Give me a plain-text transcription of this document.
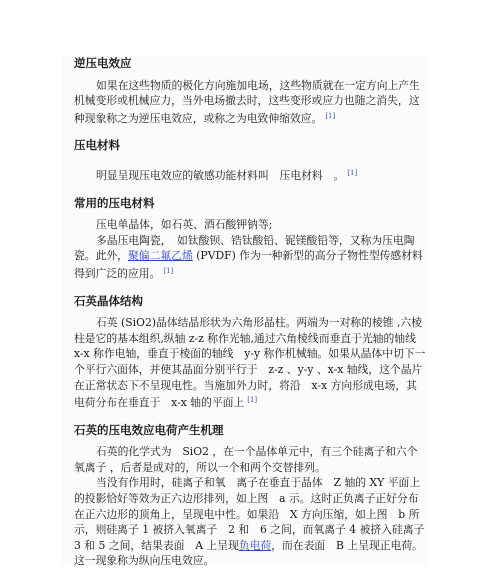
逆压电效应

如果在这些物质的极化方向施加电场，这些物质就在一定方向上产生机械变形或机械应力，当外电场撤去时，这些变形或应力也随之消失，这种现象称之为逆压电效应，或称之为电致伸缩效应。 [1]

压电材料

明显呈现压电效应的敏感功能材料叫　压电材料　。 [1]

常用的压电材料

压电单晶体，如石英、酒石酸钾钠等;

多晶压电陶瓷，　如钛酸钡、锆钛酸铅、铌镁酸铅等，又称为压电陶瓷。此外，聚偏二氟乙烯 (PVDF) 作为一种新型的高分子物性型传感材料得到广泛的应用。 [1]

石英晶体结构

石英 (SiO2)晶体结晶形状为六角形晶柱。两端为一对称的棱锥 ,六棱柱是它的基本组织,纵轴 z-z 称作光轴,通过六角棱线而垂直于光轴的轴线 x-x 称作电轴，垂直于棱面的轴线　y-y 称作机械轴。如果从晶体中切下一个平行六面体，并使其晶面分别平行于　z-z 、y-y 、x-x 轴线，这个晶片在正常状态下不呈现电性。当施加外力时，将沿　x-x 方向形成电场，其电荷分布在垂直于　x-x 轴的平面上 [1]

石英的压电效应电荷产生机理

石英的化学式为　SiO2 ，在一个晶体单元中，有三个硅离子和六个氧离子 ，后者是成对的，所以一个和两个交替排列。

当没有作用时，硅离子和氧　离子在垂直于晶体　Z 轴的 XY 平面上的投影恰好等效为正六边形排列，如上图　a 示。这时正负离子正好分布在正六边形的顶角上，呈现电中性。如果沿　X 方向压缩，如上图　b 所示，则硅离子 1 被挤入氧离子　2 和　6 之间，而氧离子 4 被挤入硅离子　3 和 5 之间，结果表面　A 上呈现负电荷，而在表面　B 上呈现正电荷。这一现象称为纵向压电效应。
